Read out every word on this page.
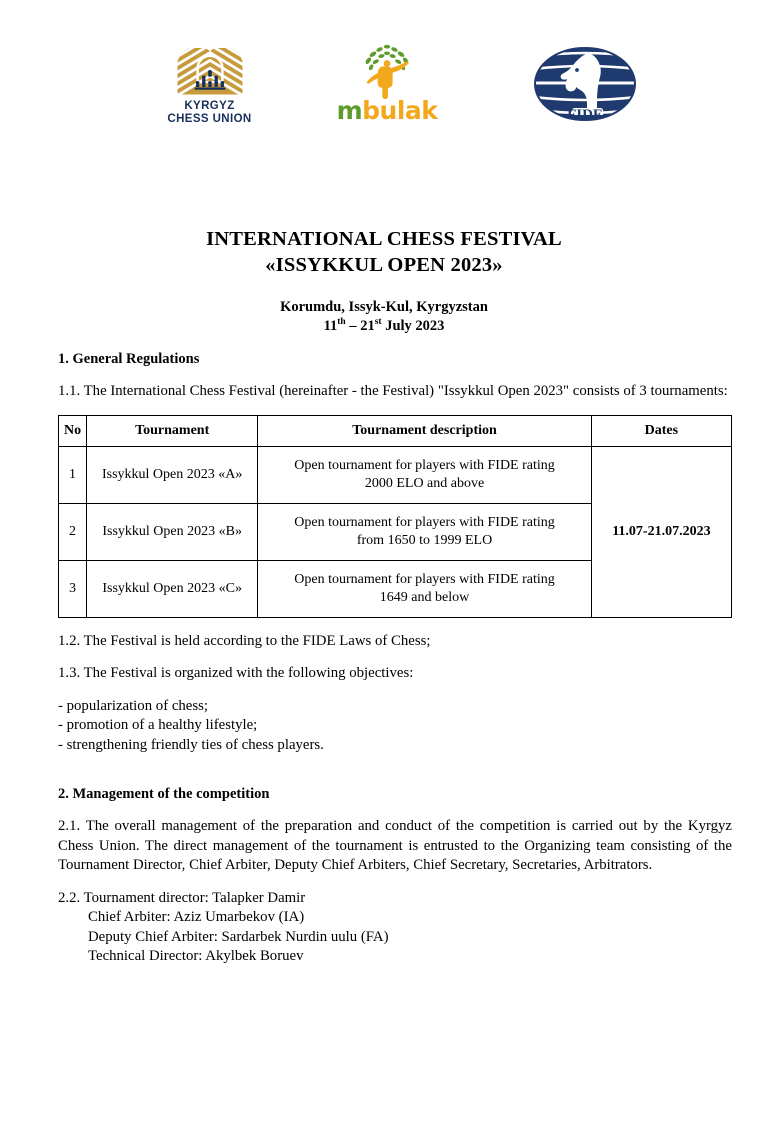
KYRGYZ
CHESS UNION	mbulak	FIDE
INTERNATIONAL CHESS FESTIVAL
«ISSYKKUL OPEN 2023»
Korumdu, Issyk-Kul, Kyrgyzstan
11th – 21st July 2023
1. General Regulations

1.1. The International Chess Festival (hereinafter - the Festival) "Issykkul Open 2023" consists of 3 tournaments:

No	Tournament	Tournament description	Dates
1	Issykkul Open 2023 «A»	Open tournament for players with FIDE rating
2000 ELO and above	11.07-21.07.2023
2	Issykkul Open 2023 «B»	Open tournament for players with FIDE rating
from 1650 to 1999 ELO	

3	Issykkul Open 2023 «C»	Open tournament for players with FIDE rating
1649 and below	

1.2. The Festival is held according to the FIDE Laws of Chess;

1.3. The Festival is organized with the following objectives:

- popularization of chess;
- promotion of a healthy lifestyle;
- strengthening friendly ties of chess players.
2. Management of the competition

2.1. The overall management of the preparation and conduct of the competition is carried out by the Kyrgyz Chess Union. The direct management of the tournament is entrusted to the Organizing team consisting of the Tournament Director, Chief Arbiter, Deputy Chief Arbiters, Chief Secretary, Secretaries, Arbitrators.

2.2. Tournament director: Talapker Damir
Chief Arbiter: Aziz Umarbekov (IA)
Deputy Chief Arbiter: Sardarbek Nurdin uulu (FA)
Technical Director: Akylbek Boruev
